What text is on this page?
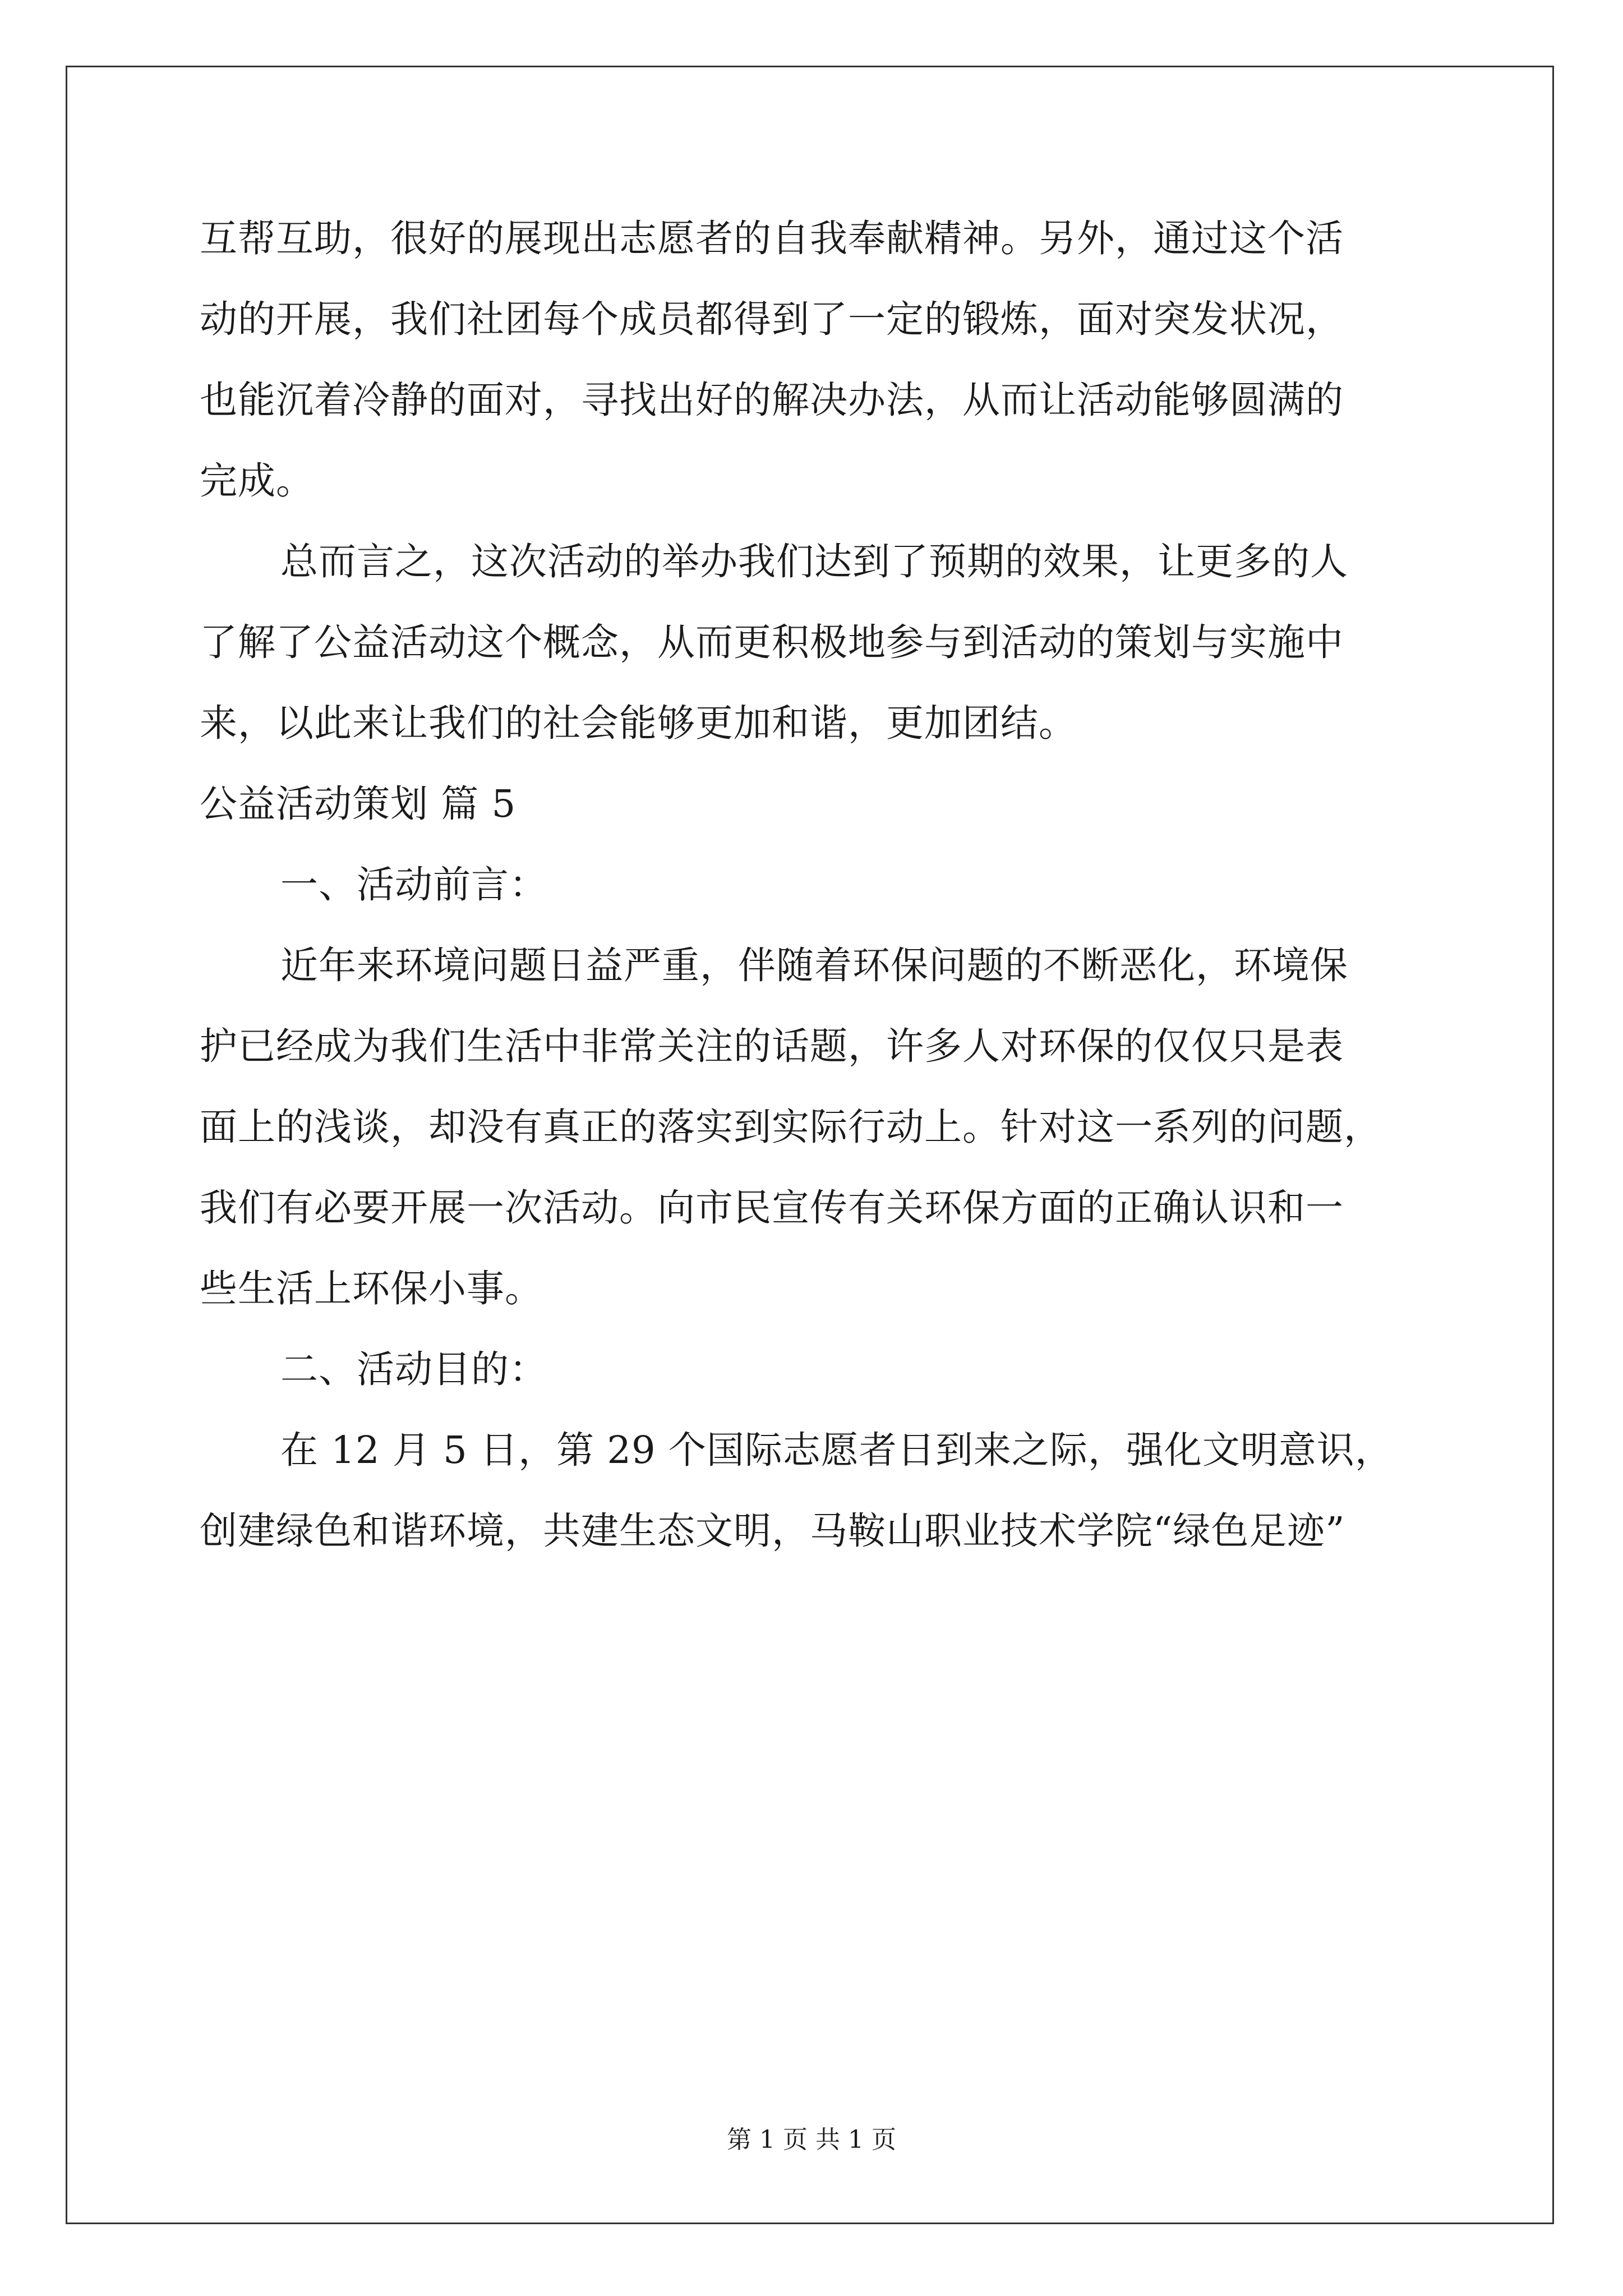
互帮互助，很好的展现出志愿者的自我奉献精神。另外，通过这个活
动的开展，我们社团每个成员都得到了一定的锻炼，面对突发状况，
也能沉着冷静的面对，寻找出好的解决办法，从而让活动能够圆满的
完成。
总而言之，这次活动的举办我们达到了预期的效果，让更多的人
了解了公益活动这个概念，从而更积极地参与到活动的策划与实施中
来，以此来让我们的社会能够更加和谐，更加团结。
公益活动策划 篇 5
一、活动前言：
近年来环境问题日益严重，伴随着环保问题的不断恶化，环境保
护已经成为我们生活中非常关注的话题，许多人对环保的仅仅只是表
面上的浅谈，却没有真正的落实到实际行动上。针对这一系列的问题，
我们有必要开展一次活动。向市民宣传有关环保方面的正确认识和一
些生活上环保小事。
二、活动目的：
在 12 月 5 日，第 29 个国际志愿者日到来之际，强化文明意识，
创建绿色和谐环境，共建生态文明，马鞍山职业技术学院“绿色足迹”
第 1 页 共 1 页
